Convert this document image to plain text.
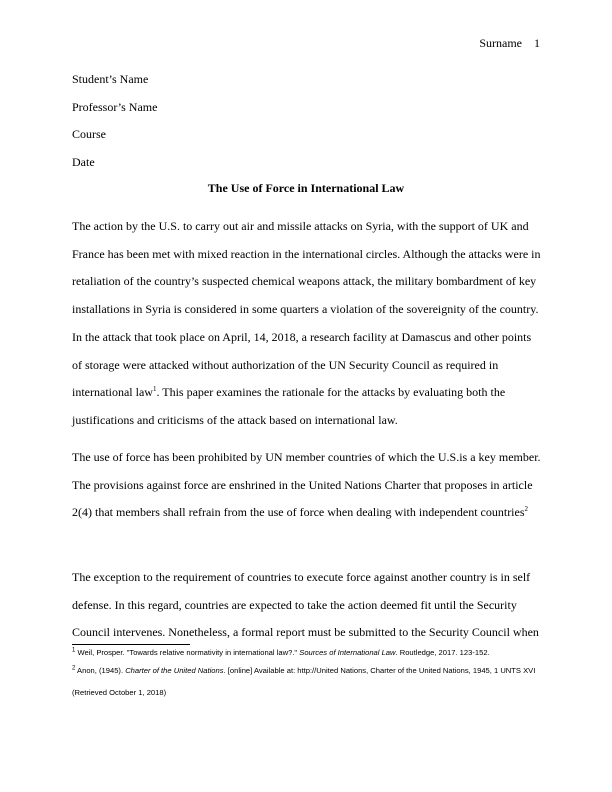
Surname 1
Student’s Name
Professor’s Name
Course
Date
The Use of Force in International Law
The action by the U.S. to carry out air and missile attacks on Syria, with the support of UK and France has been met with mixed reaction in the international circles. Although the attacks were in retaliation of the country’s suspected chemical weapons attack, the military bombardment of key installations in Syria is considered in some quarters a violation of the sovereignity of the country. In the attack that took place on April, 14, 2018, a research facility at Damascus and other points of storage were attacked without authorization of the UN Security Council as required in international law$^1$. This paper examines the rationale for the attacks by evaluating both the justifications and criticisms of the attack based on international law.
The use of force has been prohibited by UN member countries of which the U.S.is a key member. The provisions against force are enshrined in the United Nations Charter that proposes in article 2(4) that members shall refrain from the use of force when dealing with independent countries$^2$
The exception to the requirement of countries to execute force against another country is in self defense. In this regard, countries are expected to take the action deemed fit until the Security Council intervenes. Nonetheless, a formal report must be submitted to the Security Council when
$^1$ Weil, Prosper. "Towards relative normativity in international law?." Sources of International Law. Routledge, 2017. 123-152.
$^2$ Anon, (1945). Charter of the United Nations. [online] Available at: http://United Nations, Charter of the United Nations, 1945, 1 UNTS XVI (Retrieved October 1, 2018)
